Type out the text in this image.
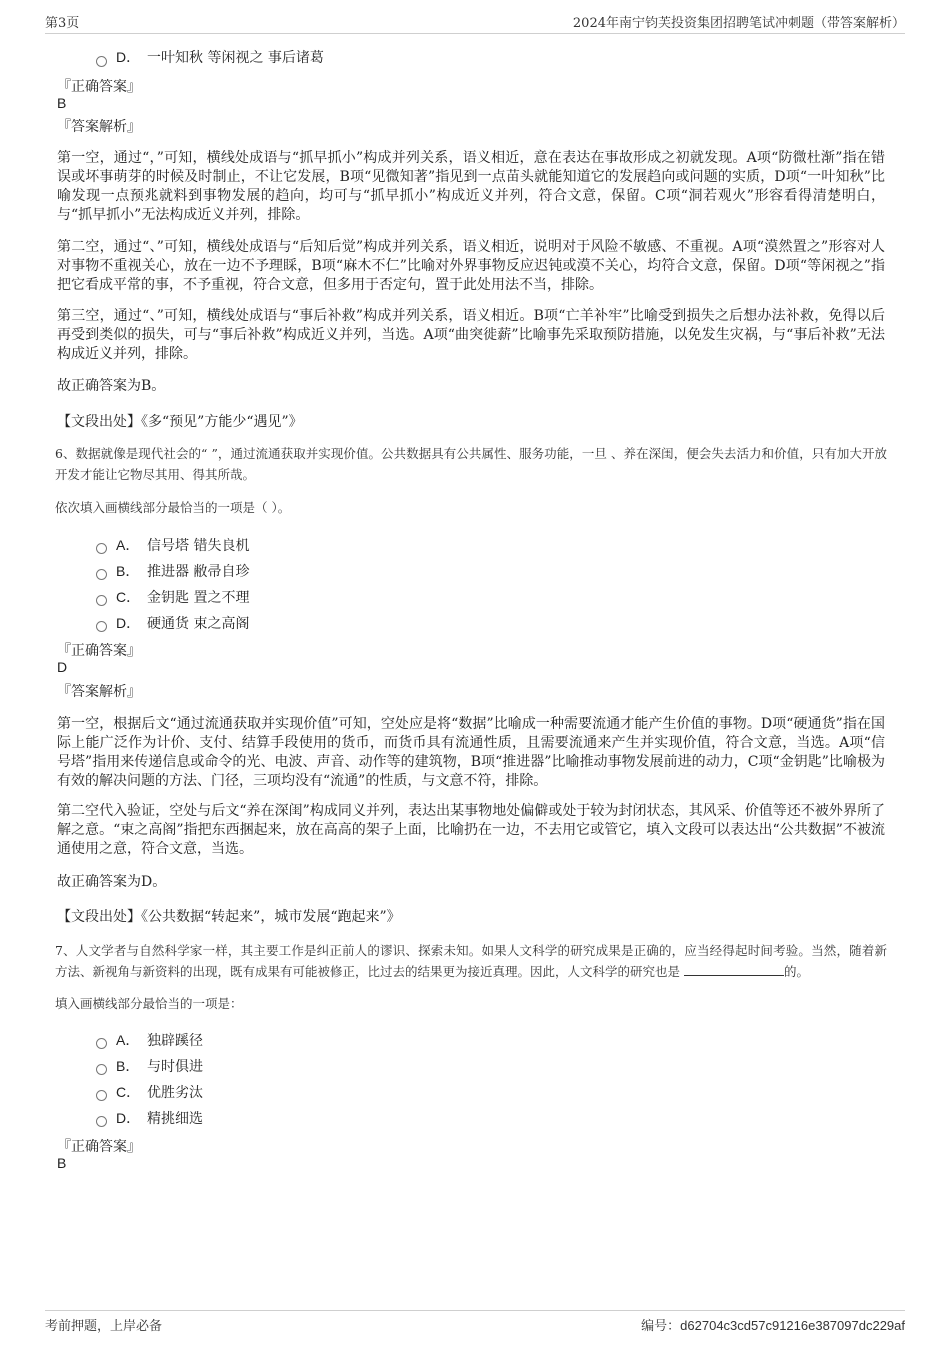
第3页	2024年南宁钧芙投资集团招聘笔试冲刺题（带答案解析）
D． 一叶知秋 等闲视之 事后诸葛
『正确答案』
B
『答案解析』
第一空，通过“，”可知，横线处成语与“抓早抓小”构成并列关系，语义相近，意在表达在事故形成之初就发现。A项“防微杜渐”指在错误或坏事萌芽的时候及时制止，不让它发展，B项“见微知著”指见到一点苗头就能知道它的发展趋向或问题的实质，D项“一叶知秋”比喻发现一点预兆就料到事物发展的趋向，均可与“抓早抓小”构成近义并列，符合文意，保留。C项“洞若观火”形容看得清楚明白，与“抓早抓小”无法构成近义并列，排除。
第二空，通过“、”可知，横线处成语与“后知后觉”构成并列关系，语义相近，说明对于风险不敏感、不重视。A项“漠然置之”形容对人对事物不重视关心，放在一边不予理睬，B项“麻木不仁”比喻对外界事物反应迟钝或漠不关心，均符合文意，保留。D项“等闲视之”指把它看成平常的事，不予重视，符合文意，但多用于否定句，置于此处用法不当，排除。
第三空，通过“、”可知，横线处成语与“事后补救”构成并列关系，语义相近。B项“亡羊补牢”比喻受到损失之后想办法补救，免得以后再受到类似的损失，可与“事后补救”构成近义并列，当选。A项“曲突徙薪”比喻事先采取预防措施，以免发生灾祸，与“事后补救”无法构成近义并列，排除。
故正确答案为B。
【文段出处】《多“预见”方能少“遇见”》
6、数据就像是现代社会的“ ”，通过流通获取并实现价值。公共数据具有公共属性、服务功能，一旦 、养在深闺，便会失去活力和价值，只有加大开放开发才能让它物尽其用、得其所哉。
依次填入画横线部分最恰当的一项是（ ）。
A． 信号塔 错失良机
B． 推进器 敝帚自珍
C． 金钥匙 置之不理
D． 硬通货 束之高阁
『正确答案』
D
『答案解析』
第一空，根据后文“通过流通获取并实现价值”可知，空处应是将“数据”比喻成一种需要流通才能产生价值的事物。D项“硬通货”指在国际上能广泛作为计价、支付、结算手段使用的货币，而货币具有流通性质，且需要流通来产生并实现价值，符合文意，当选。A项“信号塔”指用来传递信息或命令的光、电波、声音、动作等的建筑物，B项“推进器”比喻推动事物发展前进的动力，C项“金钥匙”比喻极为有效的解决问题的方法、门径，三项均没有“流通”的性质，与文意不符，排除。
第二空代入验证，空处与后文“养在深闺”构成同义并列，表达出某事物地处偏僻或处于较为封闭状态，其风采、价值等还不被外界所了解之意。“束之高阁”指把东西捆起来，放在高高的架子上面，比喻扔在一边，不去用它或管它，填入文段可以表达出“公共数据”不被流通使用之意，符合文意，当选。
故正确答案为D。
【文段出处】《公共数据“转起来”，城市发展“跑起来”》
7、人文学者与自然科学家一样，其主要工作是纠正前人的谬识、探索未知。如果人文科学的研究成果是正确的，应当经得起时间考验。当然，随着新方法、新视角与新资料的出现，既有成果有可能被修正，比过去的结果更为接近真理。因此，人文科学的研究也是	的。
填入画横线部分最恰当的一项是：
A． 独辟蹊径
B． 与时俱进
C． 优胜劣汰
D． 精挑细选
『正确答案』
B
考前押题，上岸必备	编号：d62704c3cd57c91216e387097dc229af
